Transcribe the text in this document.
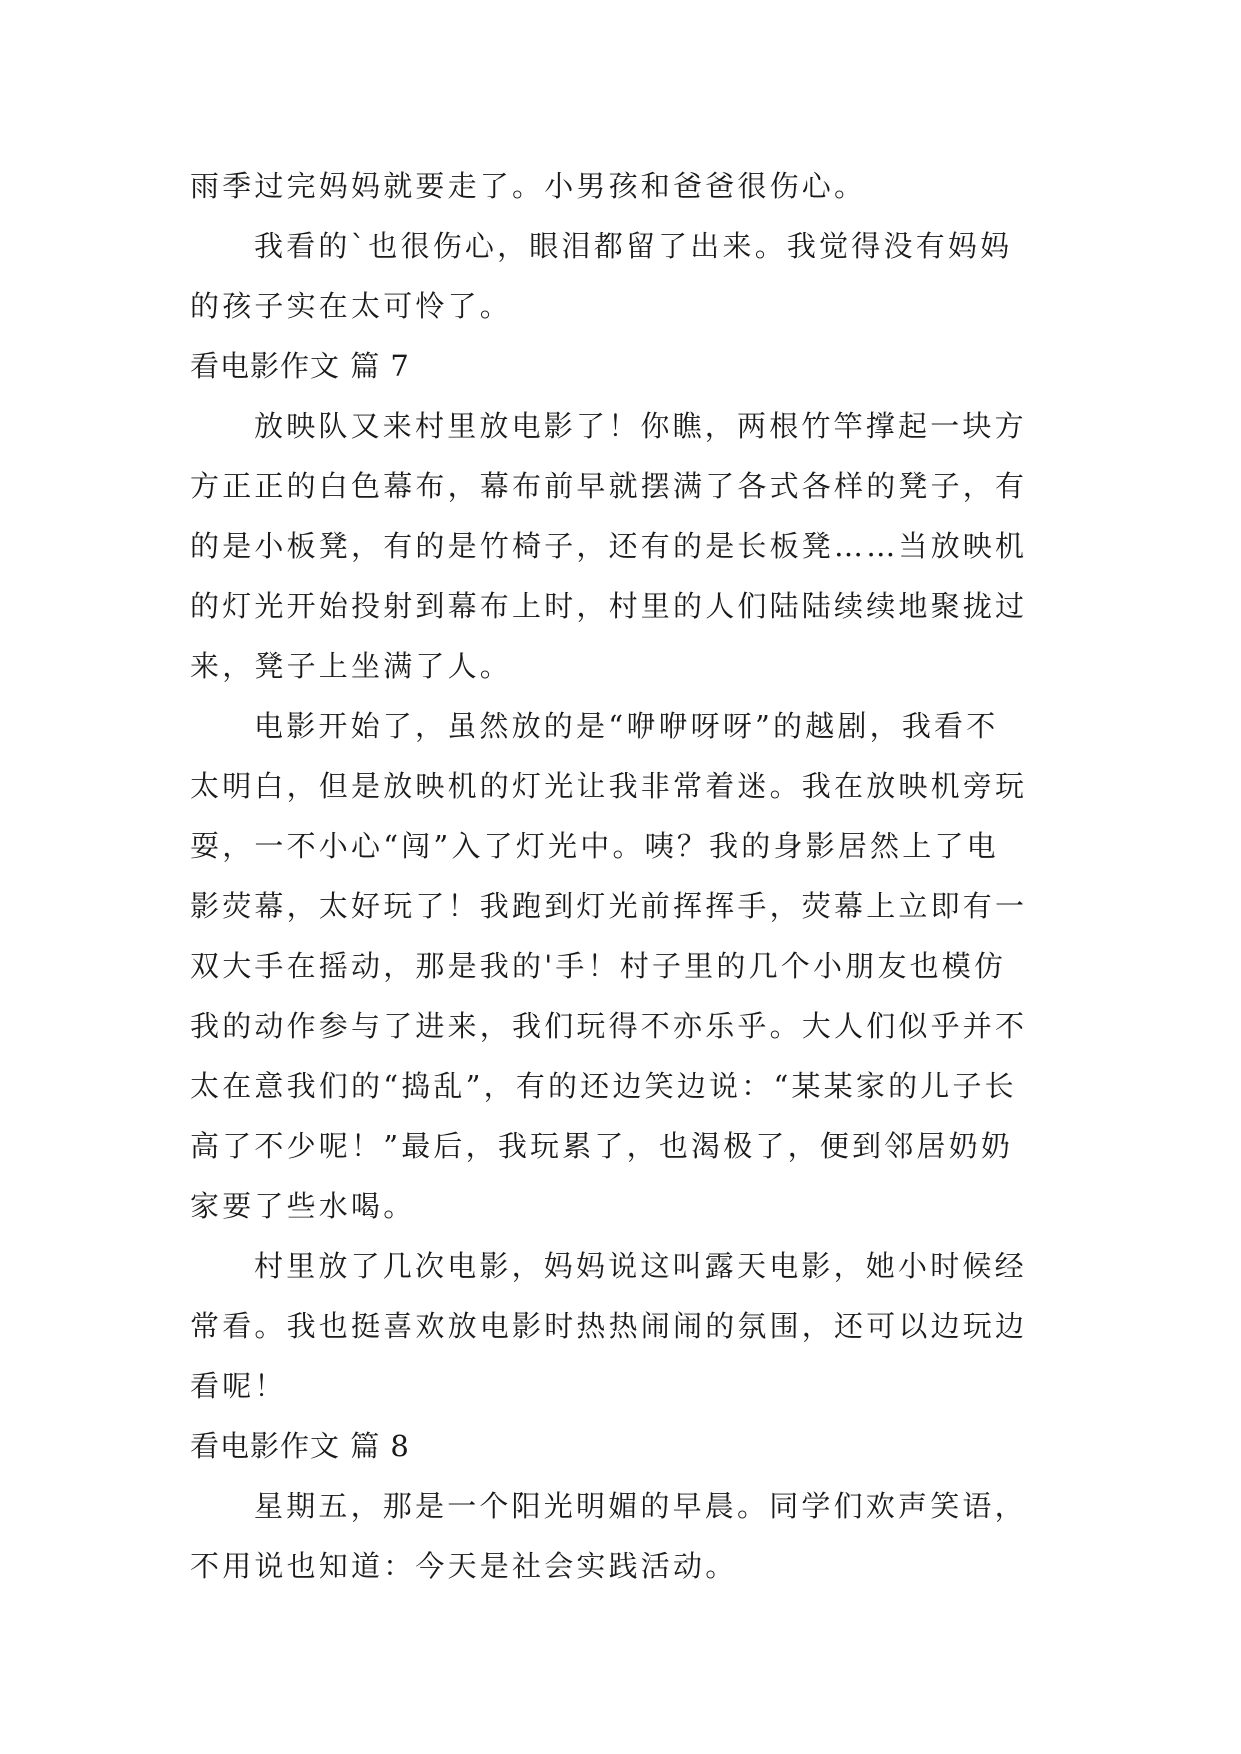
雨季过完妈妈就要走了。小男孩和爸爸很伤心。
我看的`也很伤心，眼泪都留了出来。我觉得没有妈妈
的孩子实在太可怜了。
看电影作文 篇 7
放映队又来村里放电影了！你瞧，两根竹竿撑起一块方
方正正的白色幕布，幕布前早就摆满了各式各样的凳子，有
的是小板凳，有的是竹椅子，还有的是长板凳……当放映机
的灯光开始投射到幕布上时，村里的人们陆陆续续地聚拢过
来，凳子上坐满了人。
电影开始了，虽然放的是“咿咿呀呀”的越剧，我看不
太明白，但是放映机的灯光让我非常着迷。我在放映机旁玩
耍，一不小心“闯”入了灯光中。咦？我的身影居然上了电
影荧幕，太好玩了！我跑到灯光前挥挥手，荧幕上立即有一
双大手在摇动，那是我的'手！村子里的几个小朋友也模仿
我的动作参与了进来，我们玩得不亦乐乎。大人们似乎并不
太在意我们的“捣乱”，有的还边笑边说：“某某家的儿子长
高了不少呢！”最后，我玩累了，也渴极了，便到邻居奶奶
家要了些水喝。
村里放了几次电影，妈妈说这叫露天电影，她小时候经
常看。我也挺喜欢放电影时热热闹闹的氛围，还可以边玩边
看呢！
看电影作文 篇 8
星期五，那是一个阳光明媚的早晨。同学们欢声笑语，
不用说也知道：今天是社会实践活动。
